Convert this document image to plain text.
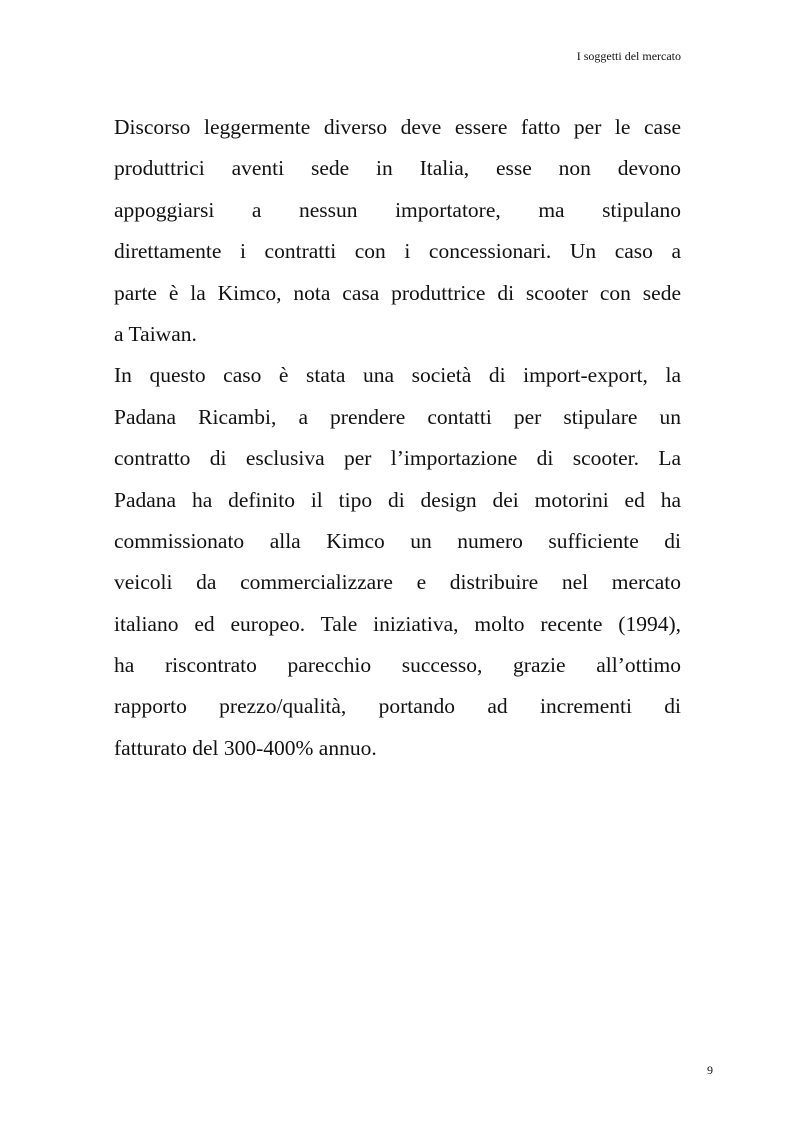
I soggetti del mercato
Discorso leggermente diverso deve essere fatto per le case
produttrici aventi sede in Italia, esse non devono
appoggiarsi a nessun importatore, ma stipulano
direttamente i contratti con i concessionari. Un caso a
parte è la Kimco, nota casa produttrice di scooter con sede
a Taiwan.
In questo caso è stata una società di import-export, la
Padana Ricambi, a prendere contatti per stipulare un
contratto di esclusiva per l’importazione di scooter. La
Padana ha definito il tipo di design dei motorini ed ha
commissionato alla Kimco un numero sufficiente di
veicoli da commercializzare e distribuire nel mercato
italiano ed europeo. Tale iniziativa, molto recente (1994),
ha riscontrato parecchio successo, grazie all’ottimo
rapporto prezzo/qualità, portando ad incrementi di
fatturato del 300-400% annuo.
9
